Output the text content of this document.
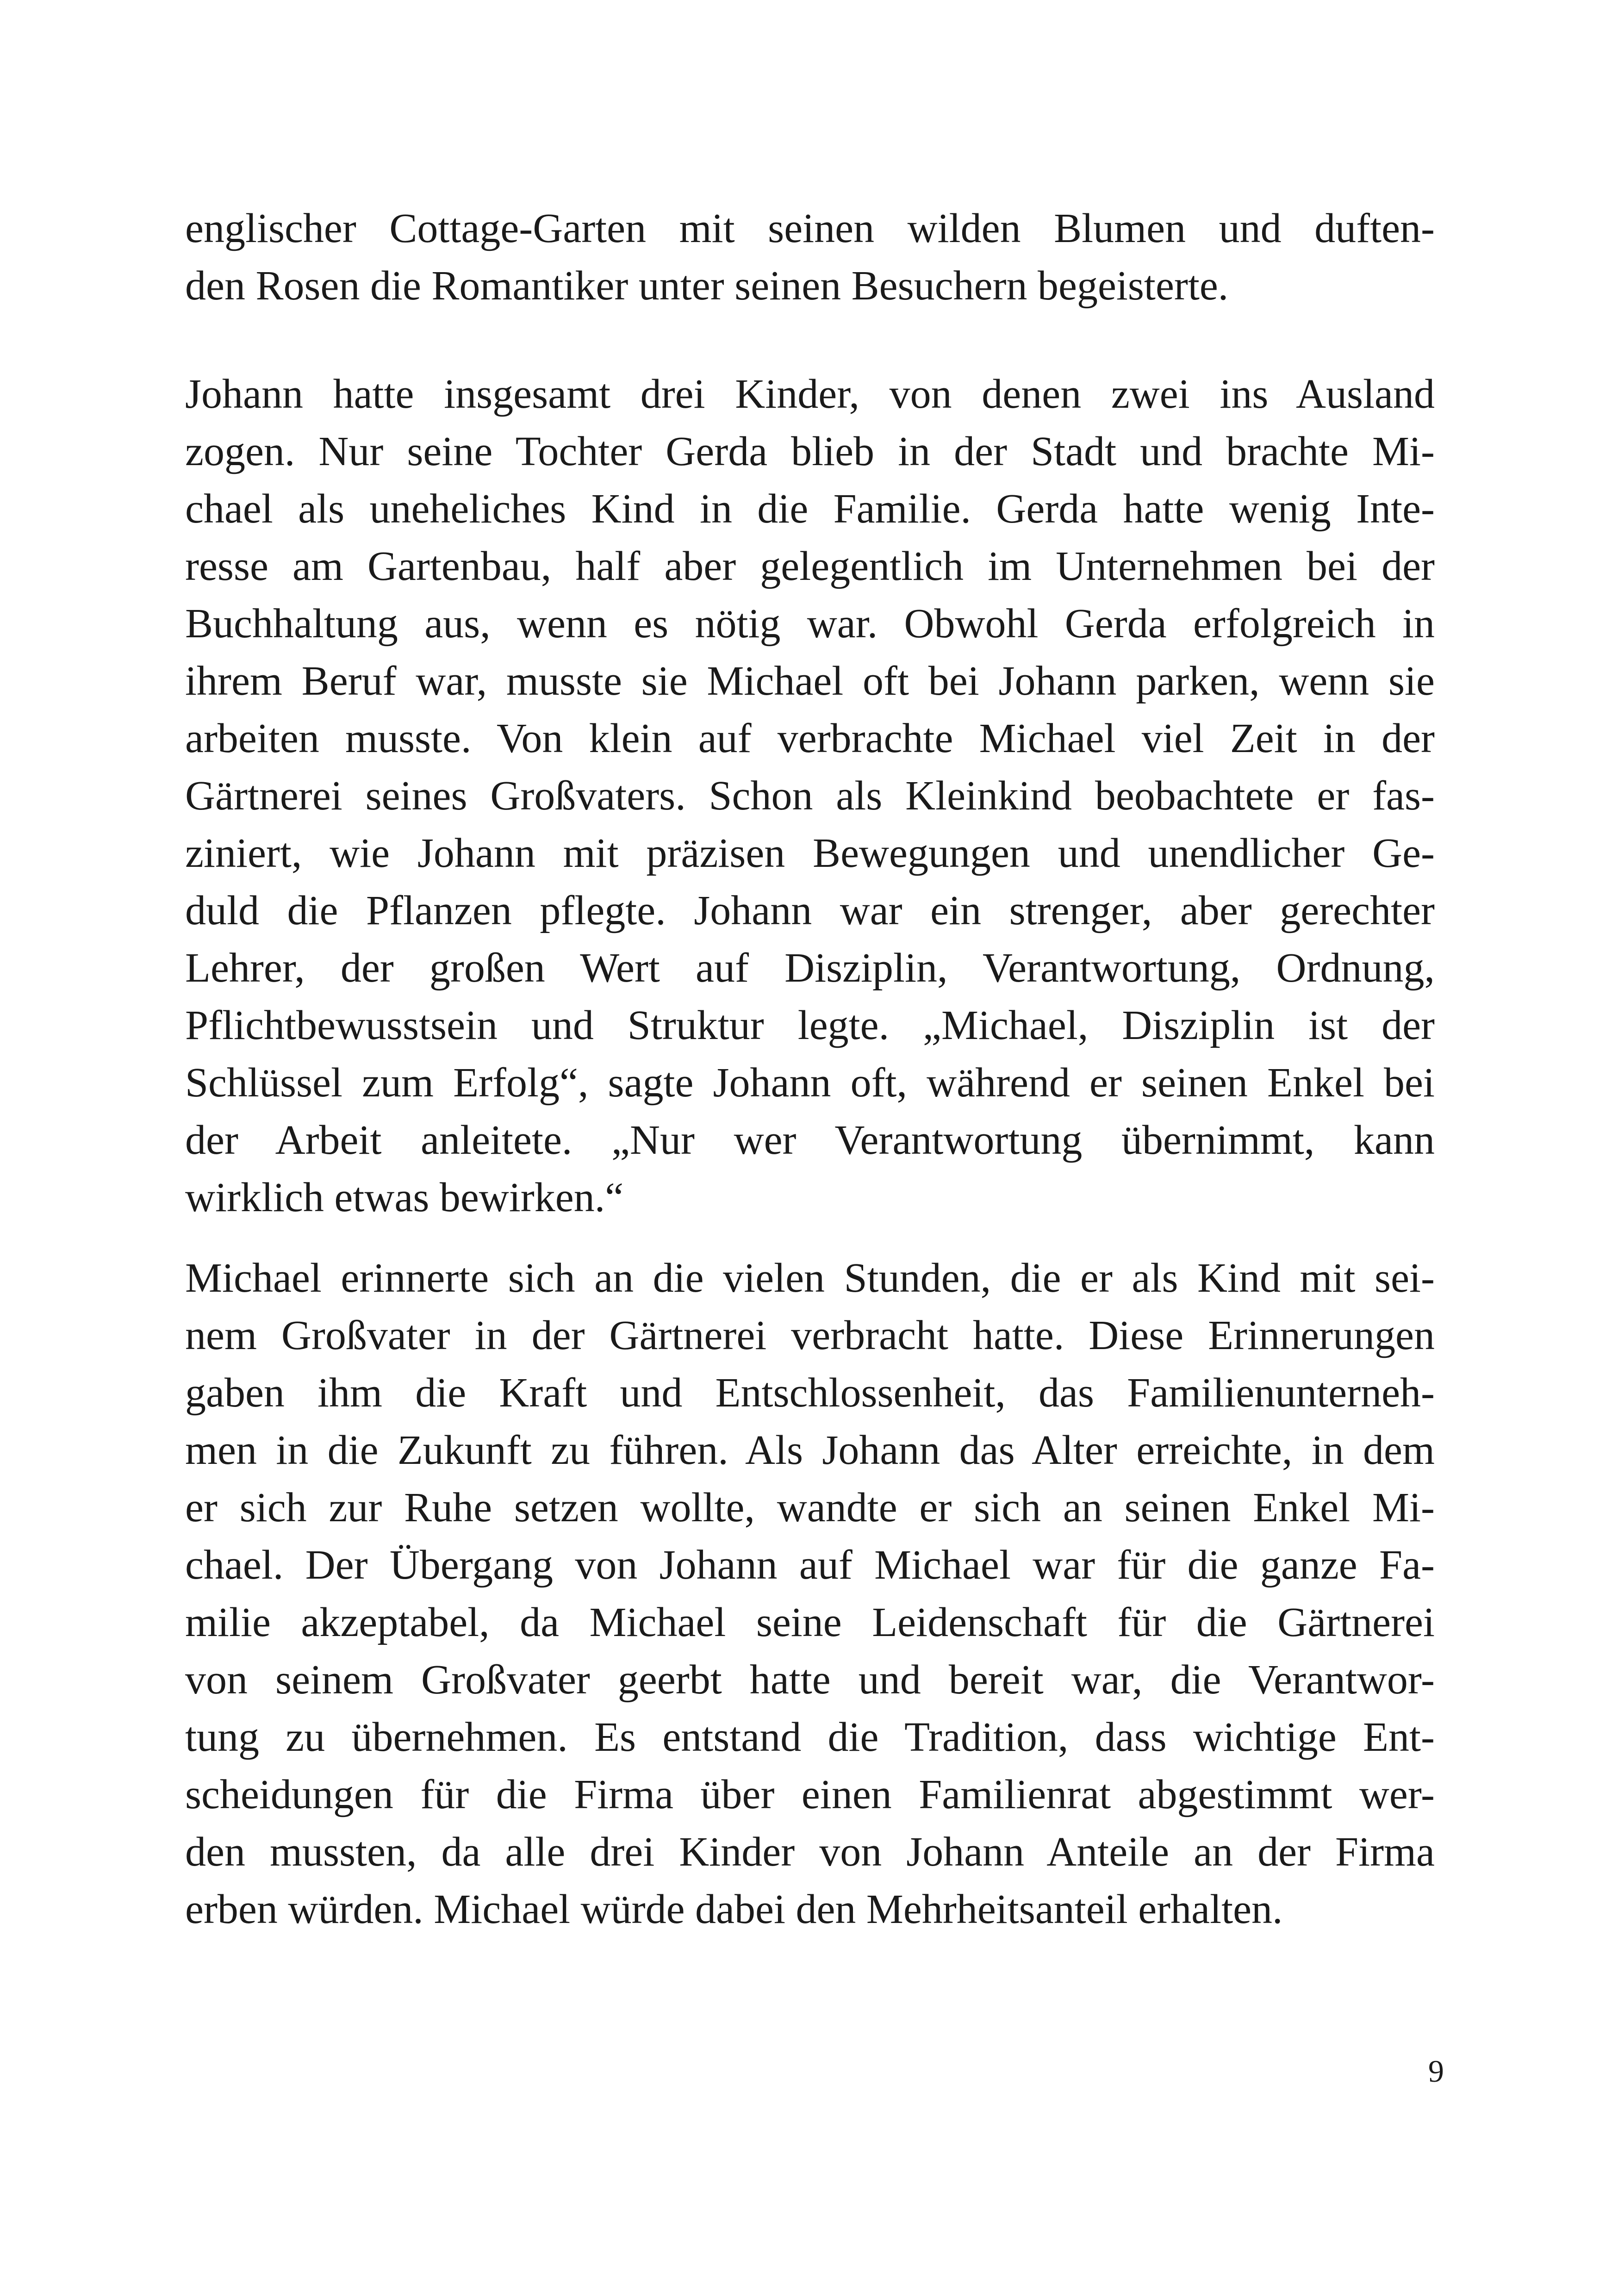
englischer Cottage-Garten mit seinen wilden Blumen und duften-
den Rosen die Romantiker unter seinen Besuchern begeisterte.
Johann hatte insgesamt drei Kinder, von denen zwei ins Ausland
zogen. Nur seine Tochter Gerda blieb in der Stadt und brachte Mi-
chael als uneheliches Kind in die Familie. Gerda hatte wenig Inte-
resse am Gartenbau, half aber gelegentlich im Unternehmen bei der
Buchhaltung aus, wenn es nötig war. Obwohl Gerda erfolgreich in
ihrem Beruf war, musste sie Michael oft bei Johann parken, wenn sie
arbeiten musste. Von klein auf verbrachte Michael viel Zeit in der
Gärtnerei seines Großvaters. Schon als Kleinkind beobachtete er fas-
ziniert, wie Johann mit präzisen Bewegungen und unendlicher Ge-
duld die Pflanzen pflegte. Johann war ein strenger, aber gerechter
Lehrer, der großen Wert auf Disziplin, Verantwortung, Ordnung,
Pflichtbewusstsein und Struktur legte. „Michael, Disziplin ist der
Schlüssel zum Erfolg“, sagte Johann oft, während er seinen Enkel bei
der Arbeit anleitete. „Nur wer Verantwortung übernimmt, kann
wirklich etwas bewirken.“
Michael erinnerte sich an die vielen Stunden, die er als Kind mit sei-
nem Großvater in der Gärtnerei verbracht hatte. Diese Erinnerungen
gaben ihm die Kraft und Entschlossenheit, das Familienunterneh-
men in die Zukunft zu führen. Als Johann das Alter erreichte, in dem
er sich zur Ruhe setzen wollte, wandte er sich an seinen Enkel Mi-
chael. Der Übergang von Johann auf Michael war für die ganze Fa-
milie akzeptabel, da Michael seine Leidenschaft für die Gärtnerei
von seinem Großvater geerbt hatte und bereit war, die Verantwor-
tung zu übernehmen. Es entstand die Tradition, dass wichtige Ent-
scheidungen für die Firma über einen Familienrat abgestimmt wer-
den mussten, da alle drei Kinder von Johann Anteile an der Firma
erben würden. Michael würde dabei den Mehrheitsanteil erhalten.
9
